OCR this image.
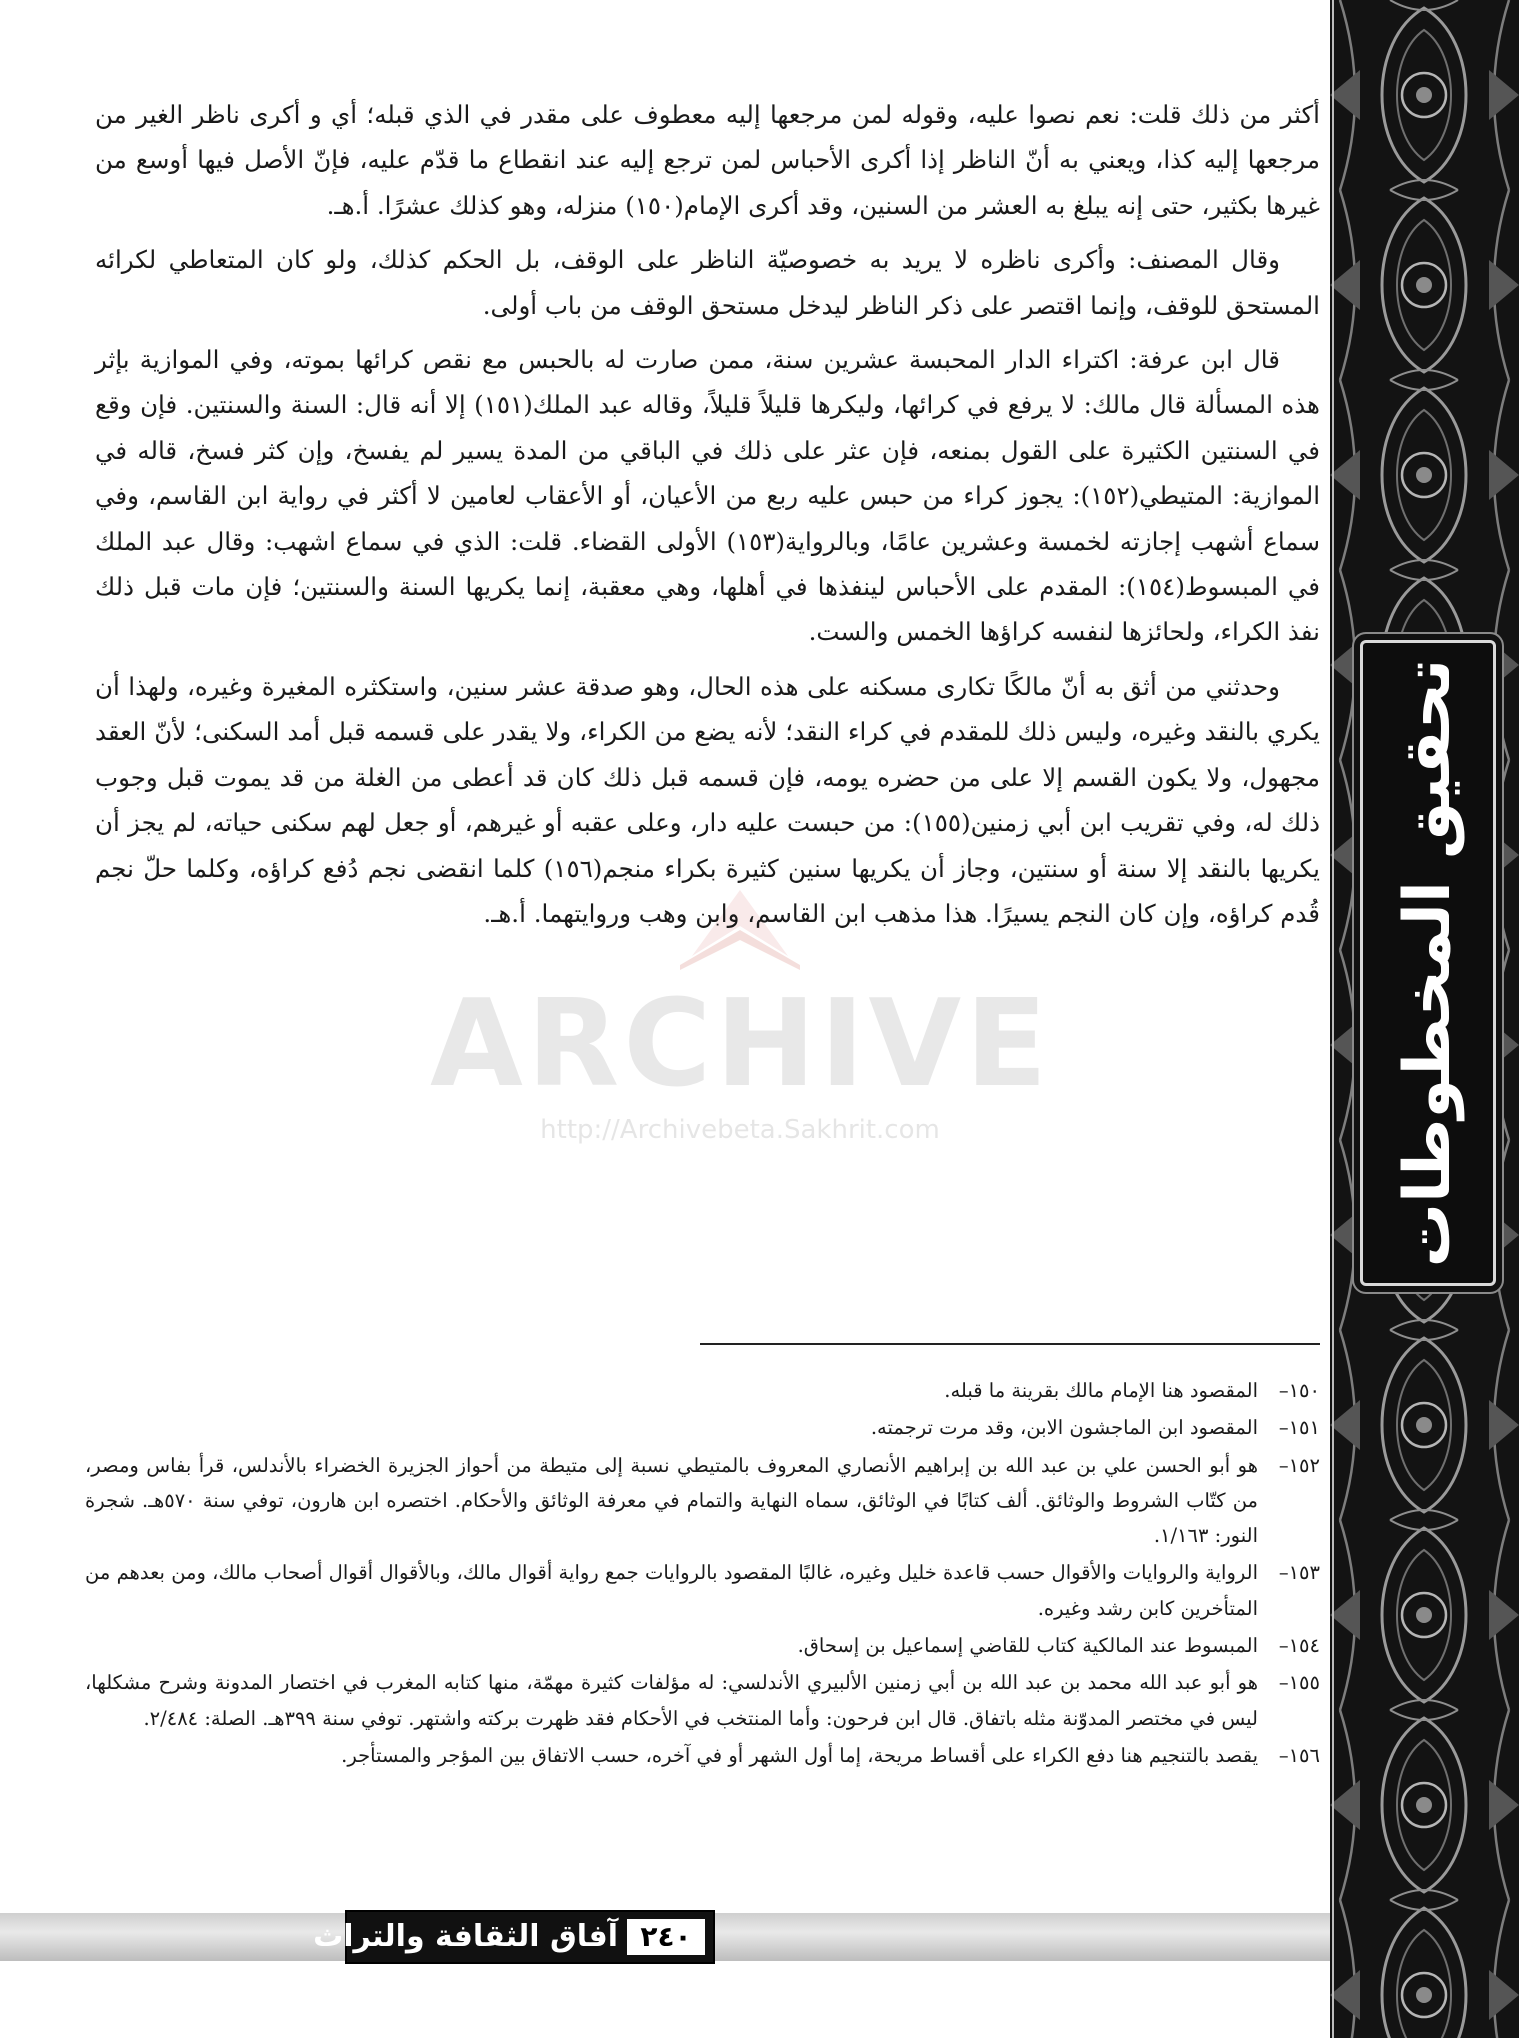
تحقيق المخطوطات
ARCHIVE
http://Archivebeta.Sakhrit.com

أكثر من ذلك قلت: نعم نصوا عليه، وقوله لمن مرجعها إليه معطوف على مقدر في الذي قبله؛ أي و أكرى ناظر الغير من مرجعها إليه كذا، ويعني به أنّ الناظر إذا أكرى الأحباس لمن ترجع إليه عند انقطاع ما قدّم عليه، فإنّ الأصل فيها أوسع من غيرها بكثير، حتى إنه يبلغ به العشر من السنين، وقد أكرى الإمام(١٥٠) منزله، وهو كذلك عشرًا. أ.هـ.

وقال المصنف: وأكرى ناظره لا يريد به خصوصيّة الناظر على الوقف، بل الحكم كذلك، ولو كان المتعاطي لكرائه المستحق للوقف، وإنما اقتصر على ذكر الناظر ليدخل مستحق الوقف من باب أولى.

قال ابن عرفة: اكتراء الدار المحبسة عشرين سنة، ممن صارت له بالحبس مع نقص كرائها بموته، وفي الموازية بإثر هذه المسألة قال مالك: لا يرفع في كرائها، وليكرها قليلاً قليلاً، وقاله عبد الملك(١٥١) إلا أنه قال: السنة والسنتين. فإن وقع في السنتين الكثيرة على القول بمنعه، فإن عثر على ذلك في الباقي من المدة يسير لم يفسخ، وإن كثر فسخ، قاله في الموازية: المتيطي(١٥٢): يجوز كراء من حبس عليه ربع من الأعيان، أو الأعقاب لعامين لا أكثر في رواية ابن القاسم، وفي سماع أشهب إجازته لخمسة وعشرين عامًا، وبالرواية(١٥٣) الأولى القضاء. قلت: الذي في سماع اشهب: وقال عبد الملك في المبسوط(١٥٤): المقدم على الأحباس لينفذها في أهلها، وهي معقبة، إنما يكريها السنة والسنتين؛ فإن مات قبل ذلك نفذ الكراء، ولحائزها لنفسه كراؤها الخمس والست.

وحدثني من أثق به أنّ مالكًا تكارى مسكنه على هذه الحال، وهو صدقة عشر سنين، واستكثره المغيرة وغيره، ولهذا أن يكري بالنقد وغيره، وليس ذلك للمقدم في كراء النقد؛ لأنه يضع من الكراء، ولا يقدر على قسمه قبل أمد السكنى؛ لأنّ العقد مجهول، ولا يكون القسم إلا على من حضره يومه، فإن قسمه قبل ذلك كان قد أعطى من الغلة من قد يموت قبل وجوب ذلك له، وفي تقريب ابن أبي زمنين(١٥٥): من حبست عليه دار، وعلى عقبه أو غيرهم، أو جعل لهم سكنى حياته، لم يجز أن يكريها بالنقد إلا سنة أو سنتين، وجاز أن يكريها سنين كثيرة بكراء منجم(١٥٦) كلما انقضى نجم دُفع كراؤه، وكلما حلّ نجم قُدم كراؤه، وإن كان النجم يسيرًا. هذا مذهب ابن القاسم، وابن وهب وروايتهما. أ.هـ.

١٥٠–
المقصود هنا الإمام مالك بقرينة ما قبله.
١٥١–
المقصود ابن الماجشون الابن، وقد مرت ترجمته.
١٥٢–
هو أبو الحسن علي بن عبد الله بن إبراهيم الأنصاري المعروف بالمتيطي نسبة إلى متيطة من أحواز الجزيرة الخضراء بالأندلس، قرأ بفاس ومصر، من كتّاب الشروط والوثائق. ألف كتابًا في الوثائق، سماه النهاية والتمام في معرفة الوثائق والأحكام. اختصره ابن هارون، توفي سنة ٥٧٠هـ. شجرة النور: ١/١٦٣.
١٥٣–
الرواية والروايات والأقوال حسب قاعدة خليل وغيره، غالبًا المقصود بالروايات جمع رواية أقوال مالك، وبالأقوال أقوال أصحاب مالك، ومن بعدهم من المتأخرين كابن رشد وغيره.
١٥٤–
المبسوط عند المالكية كتاب للقاضي إسماعيل بن إسحاق.
١٥٥–
هو أبو عبد الله محمد بن عبد الله بن أبي زمنين الألبيري الأندلسي: له مؤلفات كثيرة مهمّة، منها كتابه المغرب في اختصار المدونة وشرح مشكلها، ليس في مختصر المدوّنة مثله باتفاق. قال ابن فرحون: وأما المنتخب في الأحكام فقد ظهرت بركته واشتهر. توفي سنة ٣٩٩هـ. الصلة: ٢/٤٨٤.
١٥٦–
يقصد بالتنجيم هنا دفع الكراء على أقساط مريحة، إما أول الشهر أو في آخره، حسب الاتفاق بين المؤجر والمستأجر.
آفاق الثقافة والتراث ٢٤٠
